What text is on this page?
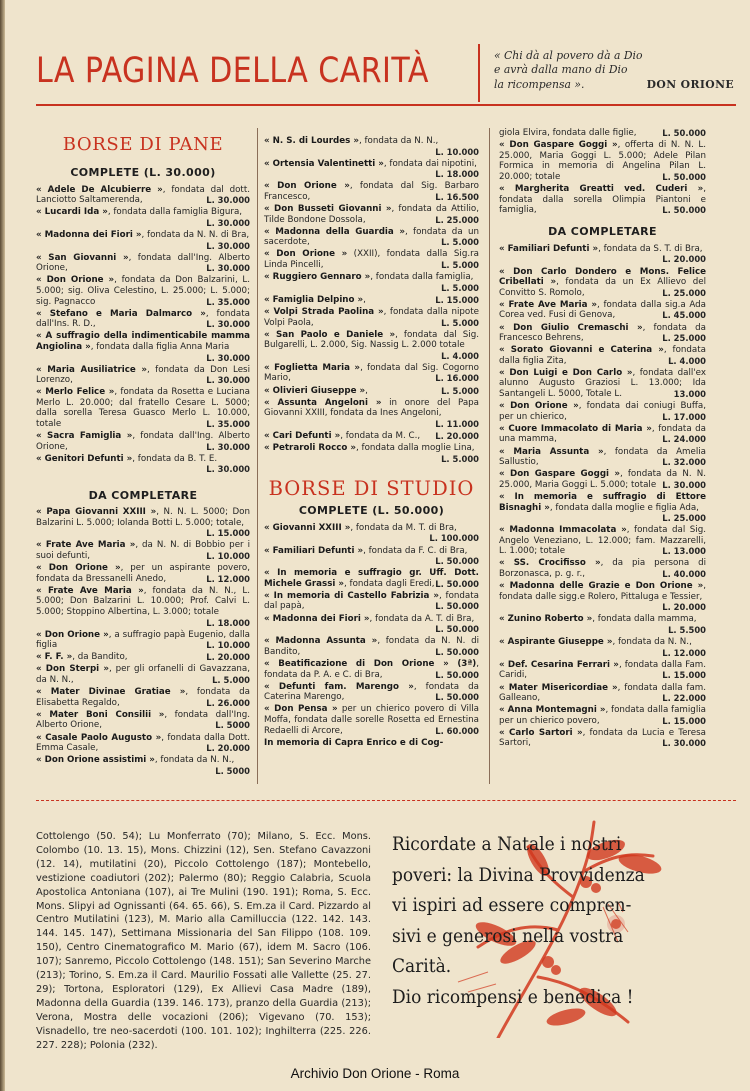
LA PAGINA DELLA CARITÀ	« Chi dà al povero dà a Dio
e avrà dalla mano di Dio
la ricompensa ».	DON ORIONE
BORSE DI PANE
COMPLETE (L. 30.000)
« Adele De Alcubierre », fondata dal dott. Lanciotto Saltamerenda,	L. 30.000
« Lucardi Ida », fondata dalla famiglia Bigura,
L. 30.000
« Madonna dei Fiori », fondata da N. N. di Bra,
L. 30.000
« San Giovanni », fondata dall'Ing. Alberto Orione,	L. 30.000
« Don Orione », fondata da Don Balzarini, L. 5.000; sig. Oliva Celestino, L. 25.000; L. 5.000; sig. Pagnacco	L. 35.000
« Stefano e Maria Dalmarco », fondata dall'Ins. R. D.,	L. 30.000
« A suffragio della indimenticabile mamma Angiolina », fondata dalla figlia Anna Maria
L. 30.000
« Maria Ausiliatrice », fondata da Don Lesi Lorenzo,	L. 30.000
« Merlo Felice », fondata da Rosetta e Luciana Merlo L. 20.000; dal fratello Cesare L. 5000; dalla sorella Teresa Guasco Merlo L. 10.000, totale	L. 35.000
« Sacra Famiglia », fondata dall'Ing. Alberto Orione,	L. 30.000
« Genitori Defunti », fondata da B. T. E.
L. 30.000
DA COMPLETARE
« Papa Giovanni XXIII », N. N. L. 5000; Don Balzarini L. 5.000; Iolanda Botti L. 5.000; totale,
L. 15.000
« Frate Ave Maria », da N. N. di Bobbio per i suoi defunti,	L. 10.000
« Don Orione », per un aspirante povero, fondata da Bressanelli Anedo,	L. 12.000
« Frate Ave Maria », fondata da N. N., L. 5.000; Don Balzarini L. 10.000; Prof. Calvi L. 5.000; Stoppino Albertina, L. 3.000; totale
L. 18.000
« Don Orione », a suffragio papà Eugenio, dalla figlia	L. 10.000
« F. F. », da Bandito,	L. 20.000
« Don Sterpi », per gli orfanelli di Gavazzana, da N. N.,	L. 5.000
« Mater Divinae Gratiae », fondata da Elisabetta Regaldo,	L. 26.000
« Mater Boni Consilii », fondata dall'Ing. Alberto Orione,	L. 5000
« Casale Paolo Augusto », fondata dalla Dott. Emma Casale,	L. 20.000
« Don Orione assistimi », fondata da N. N.,
L. 5000
« N. S. di Lourdes », fondata da N. N.,
L. 10.000
« Ortensia Valentinetti », fondata dai nipotini,
L. 18.000
« Don Orione », fondata dal Sig. Barbaro Francesco,	L. 16.500
« Don Busseti Giovanni », fondata da Attilio, Tilde Bondone Dossola,	L. 25.000
« Madonna della Guardia », fondata da un sacerdote,	L. 5.000
« Don Orione » (XXII), fondata dalla Sig.ra Linda Pincelli,	L. 5.000
« Ruggiero Gennaro », fondata dalla famiglia,
L. 5.000
« Famiglia Delpino »,	L. 15.000
« Volpi Strada Paolina », fondata dalla nipote Volpi Paola,	L. 5.000
« San Paolo e Daniele », fondata dal Sig. Bulgarelli, L. 2.000, Sig. Nassig L. 2.000 totale
L. 4.000
« Foglietta Maria », fondata dal Sig. Cogorno Mario,	L. 16.000
« Olivieri Giuseppe »,	L. 5.000
« Assunta Angeloni » in onore del Papa Giovanni XXIII, fondata da Ines Angeloni,
L. 11.000
« Cari Defunti », fondata da M. C., L. 20.000
« Petraroli Rocco », fondata dalla moglie Lina,
L. 5.000
BORSE DI STUDIO
COMPLETE (L. 50.000)
« Giovanni XXIII », fondata da M. T. di Bra,
L. 100.000
« Familiari Defunti », fondata da F. C. di Bra,
L. 50.000
« In memoria e suffragio gr. Uff. Dott. Michele Grassi », fondata dagli Eredi, L. 50.000
« In memoria di Castello Fabrizia », fondata dal papà,	L. 50.000
« Madonna dei Fiori », fondata da A. T. di Bra,
L. 50.000
« Madonna Assunta », fondata da N. N. di Bandito,	L. 50.000
« Beatificazione di Don Orione » (3ª), fondata da P. A. e C. di Bra,	L. 50.000
« Defunti fam. Marengo », fondata da Caterina Marengo,	L. 50.000
« Don Pensa » per un chierico povero di Villa Moffa, fondata dalle sorelle Rosetta ed Ernestina Redaelli di Arcore,	L. 60.000
In memoria di Capra Enrico e di Cog-
giola Elvira, fondata dalle figlie,	L. 50.000
« Don Gaspare Goggi », offerta di N. N. L. 25.000, Maria Goggi L. 5.000; Adele Pilan Formica in memoria di Angelina Pilan L. 20.000; totale	L. 50.000
« Margherita Greatti ved. Cuderi », fondata dalla sorella Olimpia Piantoni e famiglia,	L. 50.000
DA COMPLETARE
« Familiari Defunti », fondata da S. T. di Bra,
L. 20.000
« Don Carlo Dondero e Mons. Felice Cribellati », fondata da un Ex Allievo del Convitto S. Romolo,	L. 25.000
« Frate Ave Maria », fondata dalla sig.a Ada Corea ved. Fusi di Genova,	L. 45.000
« Don Giulio Cremaschi », fondata da Francesco Behrens,	L. 25.000
« Sorato Giovanni e Caterina », fondata dalla figlia Zita,	L. 4.000
« Don Luigi e Don Carlo », fondata dall'ex alunno Augusto Graziosi L. 13.000; Ida Santangeli L. 5000, Totale L.	13.000
« Don Orione », fondata dai coniugi Buffa, per un chierico,	L. 17.000
« Cuore Immacolato di Maria », fondata da una mamma,	L. 24.000
« Maria Assunta », fondata da Amelia Sallustio,	L. 32.000
« Don Gaspare Goggi », fondata da N. N. 25.000, Maria Goggi L. 5.000; totale L. 30.000
« In memoria e suffragio di Ettore Bisnaghi », fondata dalla moglie e figlia Ada,
L. 25.000
« Madonna Immacolata », fondata dal Sig. Angelo Veneziano, L. 12.000; fam. Mazzarelli, L. 1.000; totale	L. 13.000
« SS. Crocifisso », da pia persona di Borzonasca, p. g. r.,	L. 40.000
« Madonna delle Grazie e Don Orione », fondata dalle sigg.e Rolero, Pittaluga e Tessier,
L. 20.000
« Zunino Roberto », fondata dalla mamma,
L. 5.500
« Aspirante Giuseppe », fondata da N. N.,
L. 12.000
« Def. Cesarina Ferrari », fondata dalla Fam. Caridi,	L. 15.000
« Mater Misericordiae », fondata dalla fam. Galleano,	L. 22.000
« Anna Montemagni », fondata dalla famiglia per un chierico povero,	L. 15.000
« Carlo Sartori », fondata da Lucia e Teresa Sartori,	L. 30.000
Cottolengo (50. 54); Lu Monferrato (70); Milano, S. Ecc. Mons. Colombo (10. 13. 15), Mons. Chizzini (12), Sen. Stefano Cavazzoni (12. 14), mutilatini (20), Piccolo Cottolengo (187); Montebello, vestizione coadiutori (202); Palermo (80); Reggio Calabria, Scuola Apostolica Antoniana (107), ai Tre Mulini (190. 191); Roma, S. Ecc. Mons. Slipyi ad Ognissanti (64. 65. 66), S. Em.za il Card. Pizzardo al Centro Mutilatini (123), M. Mario alla Camilluccia (122. 142. 143. 144. 145. 147), Settimana Missionaria del San Filippo (108. 109. 150), Centro Cinematografico M. Mario (67), idem M. Sacro (106. 107); Sanremo, Piccolo Cottolengo (148. 151); San Severino Marche (213); Torino, S. Em.za il Card. Maurilio Fossati alle Vallette (25. 27. 29); Tortona, Esploratori (129), Ex Allievi Casa Madre (189), Madonna della Guardia (139. 146. 173), pranzo della Guardia (213); Verona, Mostra delle vocazioni (206); Vigevano (70. 153); Visnadello, tre neo-sacerdoti (100. 101. 102); Inghilterra (225. 226. 227. 228); Polonia (232).
Ricordate a Natale i nostri
poveri: la Divina Provvidenza
vi ispiri ad essere compren-
sivi e generosi nella vostra
Carità.
Dio ricompensi e benedica !
Archivio Don Orione - Roma
